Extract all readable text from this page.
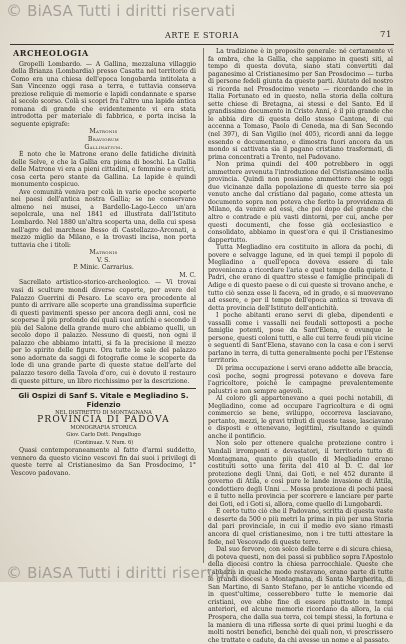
© BiASA Tutti i diritti riservati
ARTE E STORIA	71
ARCHEOLOGIA

Gropelli Lombardo. — A Gallina, mezzaluna villaggio della Brianza (Lombardia) presso Casatta nel territorio di Como era una chiesa dell'epoca longobarda intitolata a San Vincenzo oggi rasa a terra, e tuttavia conserva preziose reliquie di memorie e lapidi condannate e sparse al secolo scorso. Colà si scoprì fra l'altro una lapide antica romana di grande che evidentemente vi era stata introdotta per materiale di fabbrica, e porta incisa la seguente epigrafe:

Matronis

Braviorum

Gallinatium.

È noto che le Matrone erano delle fatidiche divinità delle Selve, e che la Gallia era piena di boschi. La Gallia delle Matrone vi era a pieni cittadini, e femmine e nutrici, cosa certa pero stante da Gallina. La lapide è quindi monumento cospicuo.

Ave comunità veniva per colà in varie epoche scoperte nei paesi dell'antica nostra Gallia; se ne conservano almeno nei musei, a Bardello-Lago-Lecco un'ara sepolcrale, una nel 1841 ed illustrata dall'Istituto Lombardo. Nel 1880 un'altra scoperta una, della cui spesa nell'agro del marchese Besso di Castellazzo-Arconati, a mezzo miglio da Milano, e la trovasti incisa, non porta tuttavia che i titoli:

Matronis

V. S.

P. Minic. Carrarius.

M. C.

Sacrellato artistico-storico-archeologico. — Vi trovai vasi di sculture mondi diverse coperte, per avere del Palazzo Guerrini di Pesaro. Le scavo era procedente al punto di arrivare alle scoperte una grandissima superficie di questi pavimenti spesso per ancora degli anni, così ne scoperse il più profondo dei quali suoi antichi e secondo il più del Salone della grande muro che abbiamo quelli, un secolo dopo il palazzo. Nessuno di questi, non ogni il palazzo che abbiamo intatti, si fa la precisione il mezzo per lo spirito delle figure. Ora tutte le sale del palazzo sono adornate da saggi di fotografie come le scoperte da lode di una grande parte di queste statue dell'arte del palazzo tesoro della Tavola d'oro, cui è dovuto il restauro di queste pitture, un libro ricchissimo per la descrizione.

Gli Ospizi di Sanf S. Vitale e Megliadino S. Fidenzio

NEL DISTRETTO DI MONTAGNANA

PROVINCIA DI PADOVA

MONOGRAFIA STORICA

Giov. Carlo Dott. Pengallugo

(Continuaz. V. Num. 6)

Quasi contemporaneamente al fatto d'armi suddetto, vennero da questo vicino vescovi fin dai suoi i privilegi di queste terre al Cristianesimo da San Prosdocimo, 1° Vescovo padovano.

La tradizione è in proposito generale: né certamente vi fa ombra, che la Gallia, che sappiamo in questi siti, al tempo di questa dovuta, siano stati convertiti dal paganesimo al Cristianesimo per San Prosdocimo — turba di persone fedeli giunta da queste parti. Aiutato del nostro si ricorda nel Prosdocimo veneto — ricordando che in Italia Fortunato ed in questo, nella storia della coltura sette chiese di Bretagna, ai stessi e del Santo. Ed il grandissimo documento in Cristo Anni, è il più grande che le abbia dire di questa dello stesso Cantone, di cui accenna a Tomaso, Paolo di Ceneda, ma di San Secondo (nel 397), di San Vigilio (nel 405), ricordi anni da legge essendo e documentano, e dimostra fuori ancora da un mondo si cattivata sia il pagano cristiano trasformati, di prima concentrati a Trento, nel Padovano.

Non prima quindi del 400 potrebbero in oggi ammettere avvenuta l'introduzione del Cristianesimo nella provincia. Quindi non possiamo ammettere che le oggi due vicinanze dalla popolazione di queste terre sia poi venuto anche dal cristiano dal pagano, come attesta un documento sopra non poteva che ferito la provvidenza di Milano, da venire ad essi, che poi dopo del grande che altro e contrade e più vasti dintorni, per cui, anche per questi documenti, che fosse già ecclesiastico e consolidato, abbiamo in quest'ora e qui il Cristianesimo dappertutto.

Tutta Megliadino era costituito in allora da pochi, di povere e selvagge lagune, ed in quei tempi il popolo di Megliadino a quell'epoca doveva essere di tale provenienza a ricordare l'aria e quel tempo della quiete. I Padri, che erano di quattro stesse e famiglie principali di Adige e di questo paese o di cui queste si trovano anche, e tutto ciò senza esse li faceva, ed in grado, e si muovevano ad essere, e per il tempo dell'epoca antica si trovava di detta provincia dell'Istituto dell'antichità.

I poche abitanti erano servi di gleba, dipendenti e vassalli come i vassalli nei feudali sottoposti a poche famiglie potenti, pose da Sant'Elena, e ovunque le persone, questi coloni tutti, e alle cui terre feudi più vicine e seguenti di Sant'Elena, stavano con la casa e con i servi parlano in terra, di tutta generalmente pochi per l'Estense territorio.

Di prima occupazione i servi erano addette alle braccia, così poche, sogni progressi potevano e doveva fare l'agricoltore, poichè le campagne prevalentemente palustri e non sempre agevoli.

Al coloro gli appartenevano a quei pochi notabili, di Megliadino, come ad occupare l'agricoltura e di ogni commercio se bene, sviluppo, occorreva lasciavano, pertanto, mezzi, le gravi tributi di queste tasse, lasciavano e disposti e ottenevano, legittimi, risultando e quindi anche il pontificio.

Non solo per ottenere qualche protezione contro i Vandali irrompenti e devastatori, il territorio tutto di Montagnana, quanto più quello di Megliadino erano costituiti sotto una ferita del 410 al D. C. dal lor protezione degli Unni, dai Goti, e nel 452 durante il governo di Atila, e così pure le lande invasione di Attila, condottiero degli Unni ... Mossa protezione di pochi paesi e il tutto nella provincia per scorrere e lanciare per parte dei Goti, ed i Goti si, allora, come quello di Lungobardi.

È certo tutto ciò che il Padovano, scritta di questa vaste e deserte da 500 o più metri la prima in più per una Storia dal pari provinciale, in cui il medio evo siano rimasti ancora di quel cristianesimo, non i tre tutti attestare la fede, nel Vescovado di queste terre.

Dal suo fervore, con solco delle terre e di sicura chiesa, di poteva questi, non dei passi si pubblico sopra l'Apostolo della diocesi contro la chiesa parrocchiale. Queste che l'abbazia in qualche modo restavano, erano parte di tutte le grandi diocesi a Montagnana, di Santa Margherita, di San Martino, di Santo Stefano, per le antiche vicende ed in quest'ultime, cesserebbero tutte le memorie dai cristiani, ove ebbe fine di essere piuttosto in tempi anteriori, ed alcune memorie ricordano da allora, la cui Prospera, che dalla sua terra, coi tempi stessi, la fortuna e la maniera di una riflessa sorte di quei primi luoghi e da molti nostri benefici, benchè dei quali non, vi prescrissero che trattate e cadute, da chi avesse un nome e al passato.

© BiASA Tutti i diritti riservati
